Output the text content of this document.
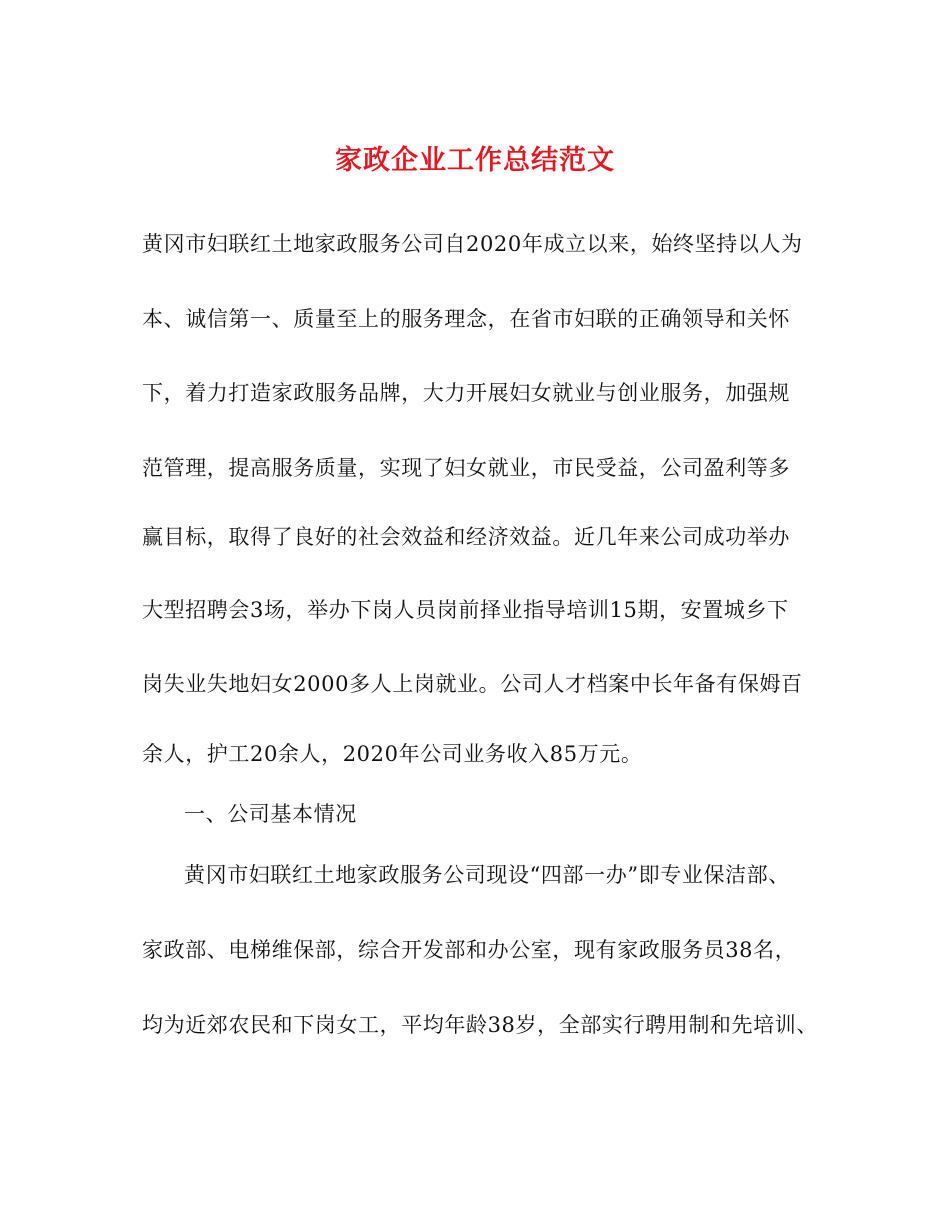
家政企业工作总结范文
黄冈市妇联红土地家政服务公司自2020年成立以来，始终坚持以人为
本、诚信第一、质量至上的服务理念，在省市妇联的正确领导和关怀
下，着力打造家政服务品牌，大力开展妇女就业与创业服务，加强规
范管理，提高服务质量，实现了妇女就业，市民受益，公司盈利等多
赢目标，取得了良好的社会效益和经济效益。近几年来公司成功举办
大型招聘会3场，举办下岗人员岗前择业指导培训15期，安置城乡下
岗失业失地妇女2000多人上岗就业。公司人才档案中长年备有保姆百
余人，护工20余人，2020年公司业务收入85万元。
一、公司基本情况
黄冈市妇联红土地家政服务公司现设“四部一办”即专业保洁部、
家政部、电梯维保部，综合开发部和办公室，现有家政服务员38名，
均为近郊农民和下岗女工，平均年龄38岁，全部实行聘用制和先培训、
